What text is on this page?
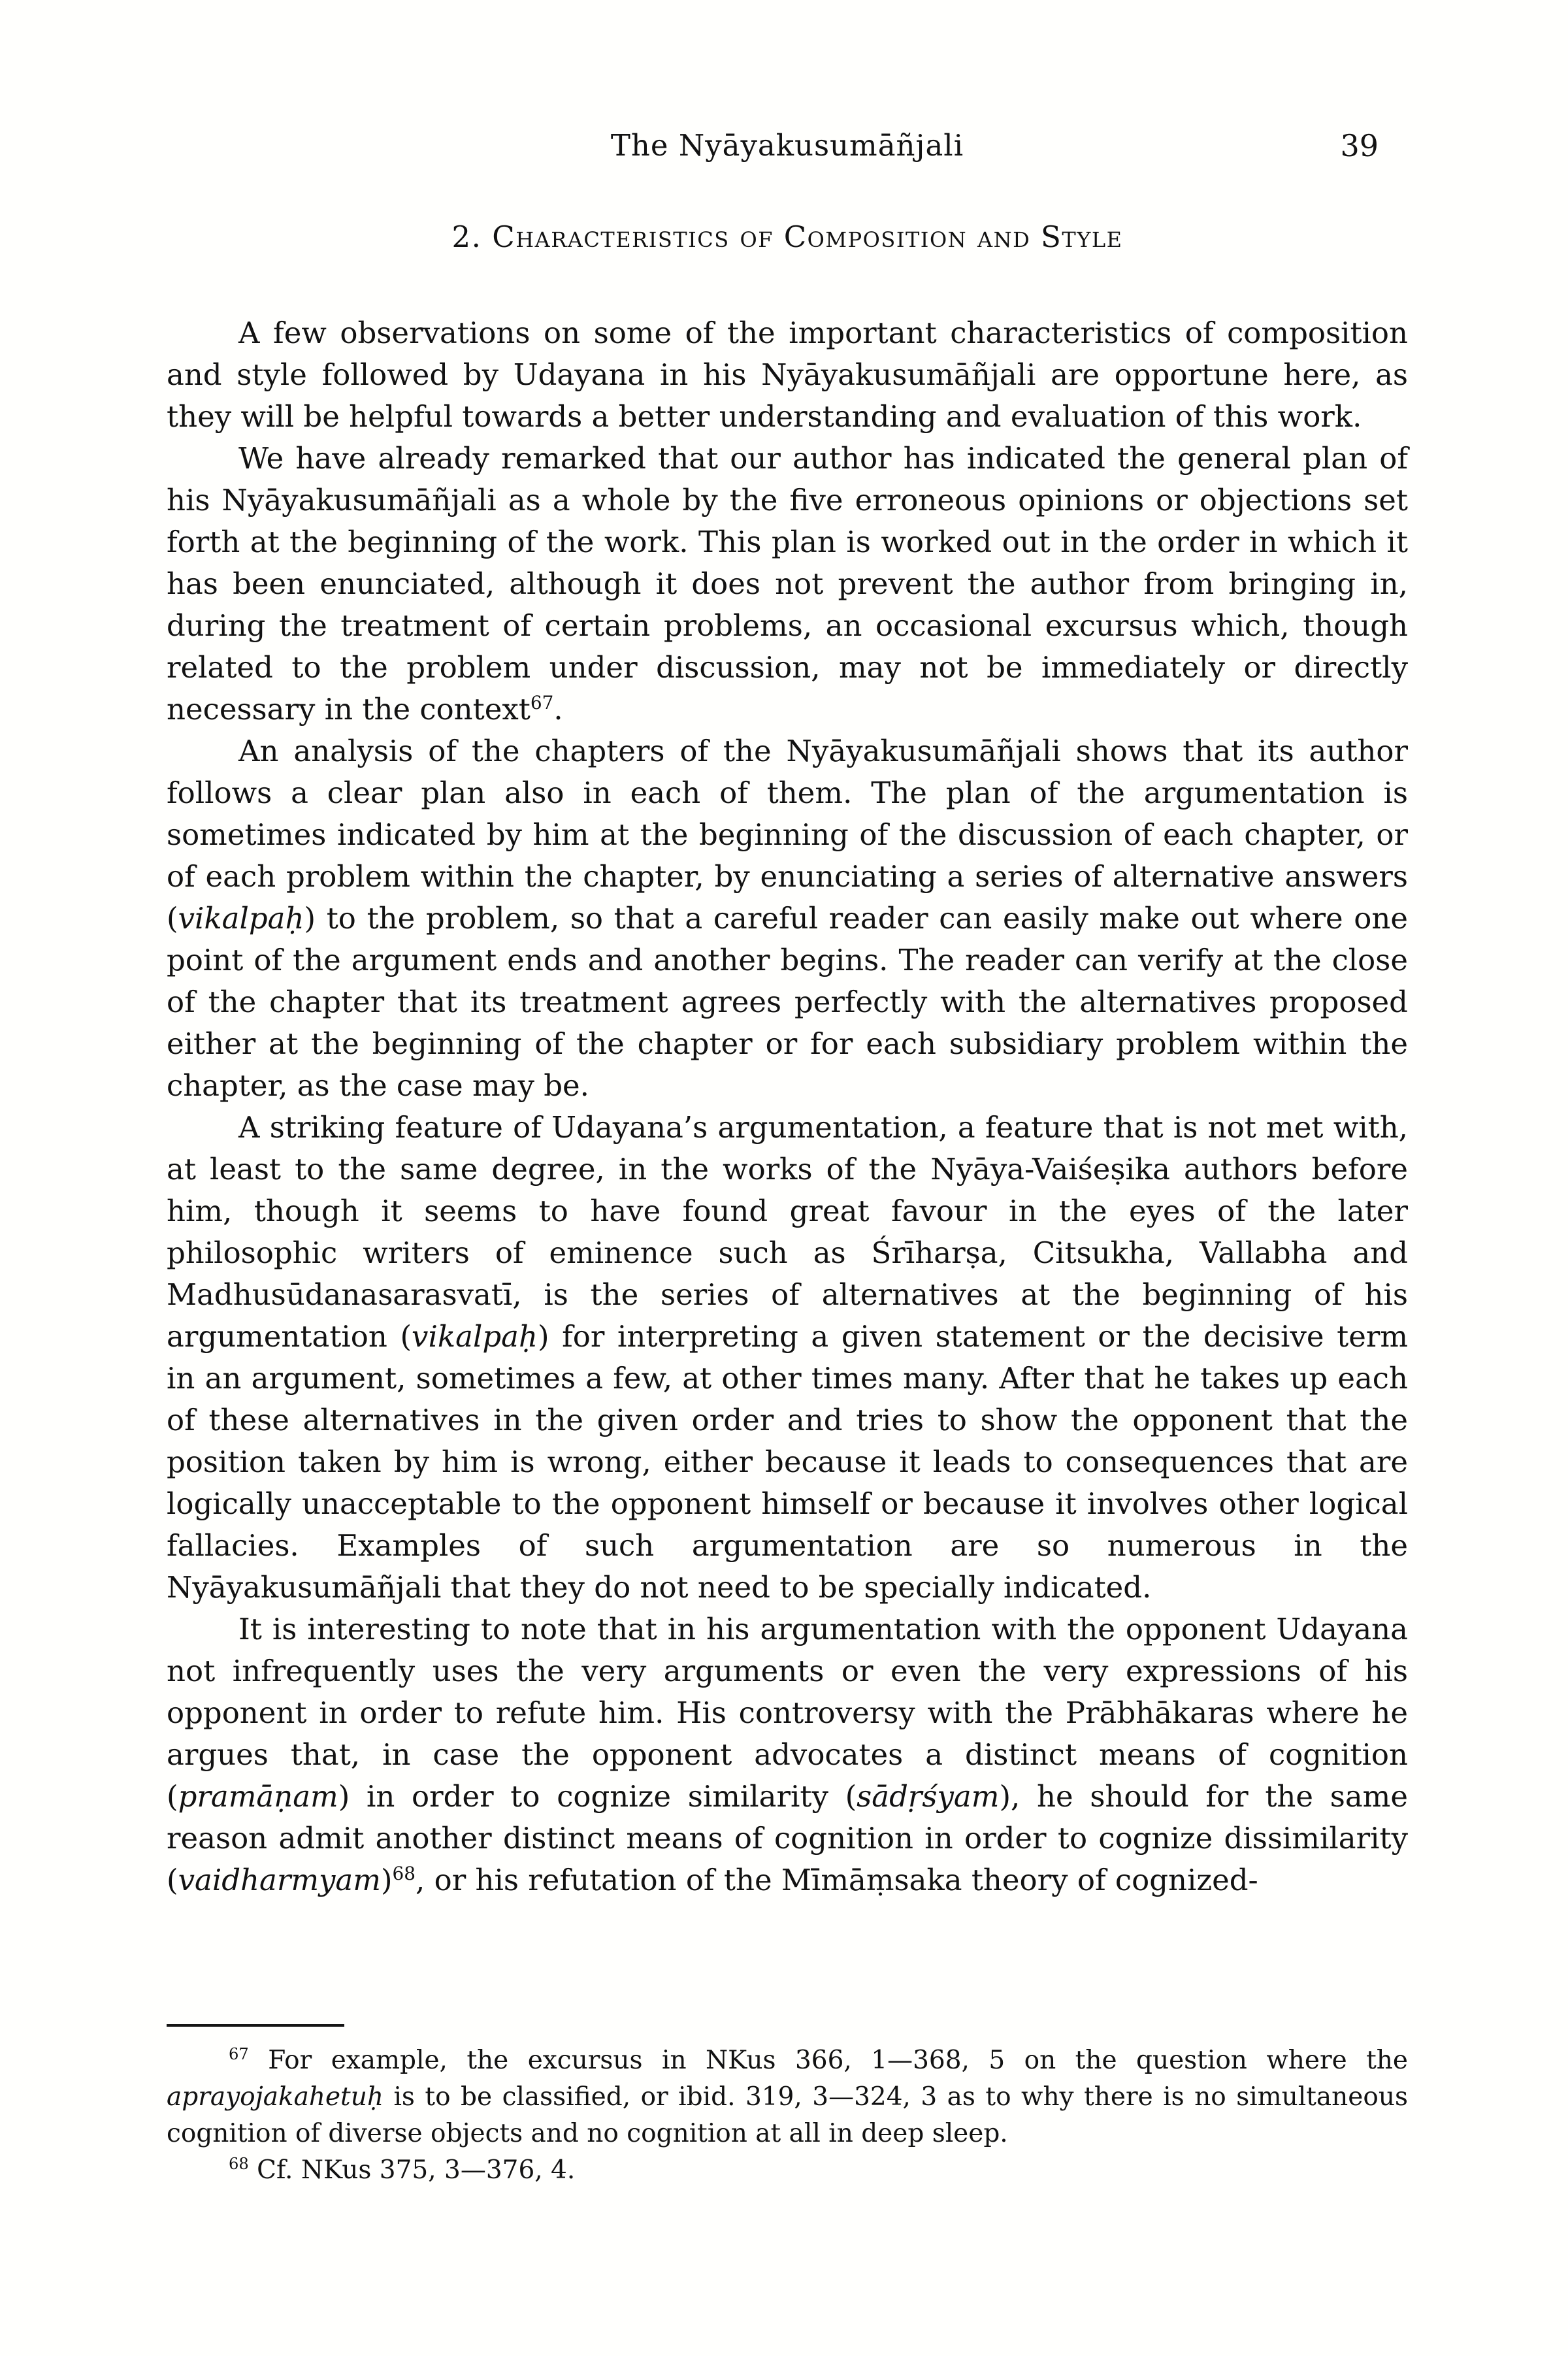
The Nyāyakusumāñjali	39
2. Characteristics of Composition and Style

A few observations on some of the important characteristics of composition and style followed by Udayana in his Nyāyakusumāñjali are opportune here, as they will be helpful towards a better understanding and evaluation of this work.

We have already remarked that our author has indicated the general plan of his Nyāyakusumāñjali as a whole by the five erroneous opinions or objections set forth at the beginning of the work. This plan is worked out in the order in which it has been enunciated, although it does not prevent the author from bringing in, during the treatment of certain problems, an occasional excursus which, though related to the problem under discussion, may not be immediately or directly necessary in the context$^{67}$.

An analysis of the chapters of the Nyāyakusumāñjali shows that its author follows a clear plan also in each of them. The plan of the argumentation is sometimes indicated by him at the beginning of the discussion of each chapter, or of each problem within the chapter, by enunciating a series of alternative answers (vikalpaḥ) to the problem, so that a careful reader can easily make out where one point of the argument ends and another begins. The reader can verify at the close of the chapter that its treatment agrees perfectly with the alternatives proposed either at the beginning of the chapter or for each subsidiary problem within the chapter, as the case may be.

A striking feature of Udayana’s argumentation, a feature that is not met with, at least to the same degree, in the works of the Nyāya-Vaiśeṣika authors before him, though it seems to have found great favour in the eyes of the later philosophic writers of eminence such as Śrīharṣa, Citsukha, Vallabha and Madhusūdanasarasvatī, is the series of alternatives at the beginning of his argumentation (vikalpaḥ) for interpreting a given statement or the decisive term in an argument, sometimes a few, at other times many. After that he takes up each of these alternatives in the given order and tries to show the opponent that the position taken by him is wrong, either because it leads to consequences that are logically unacceptable to the opponent himself or because it involves other logical fallacies. Examples of such argumentation are so numerous in the Nyāyakusumāñjali that they do not need to be specially indicated.

It is interesting to note that in his argumentation with the opponent Udayana not infrequently uses the very arguments or even the very expressions of his opponent in order to refute him. His controversy with the Prābhākaras where he argues that, in case the opponent advocates a distinct means of cognition (pramāṇam) in order to cognize similarity (sādṛśyam), he should for the same reason admit another distinct means of cognition in order to cognize dissimilarity (vaidharmyam)$^{68}$, or his refutation of the Mīmāṃsaka theory of cognized-

$^{67}$ For example, the excursus in NKus 366, 1—368, 5 on the question where the aprayojakahetuḥ is to be classified, or ibid. 319, 3—324, 3 as to why there is no simultaneous cognition of diverse objects and no cognition at all in deep sleep.

$^{68}$ Cf. NKus 375, 3—376, 4.
